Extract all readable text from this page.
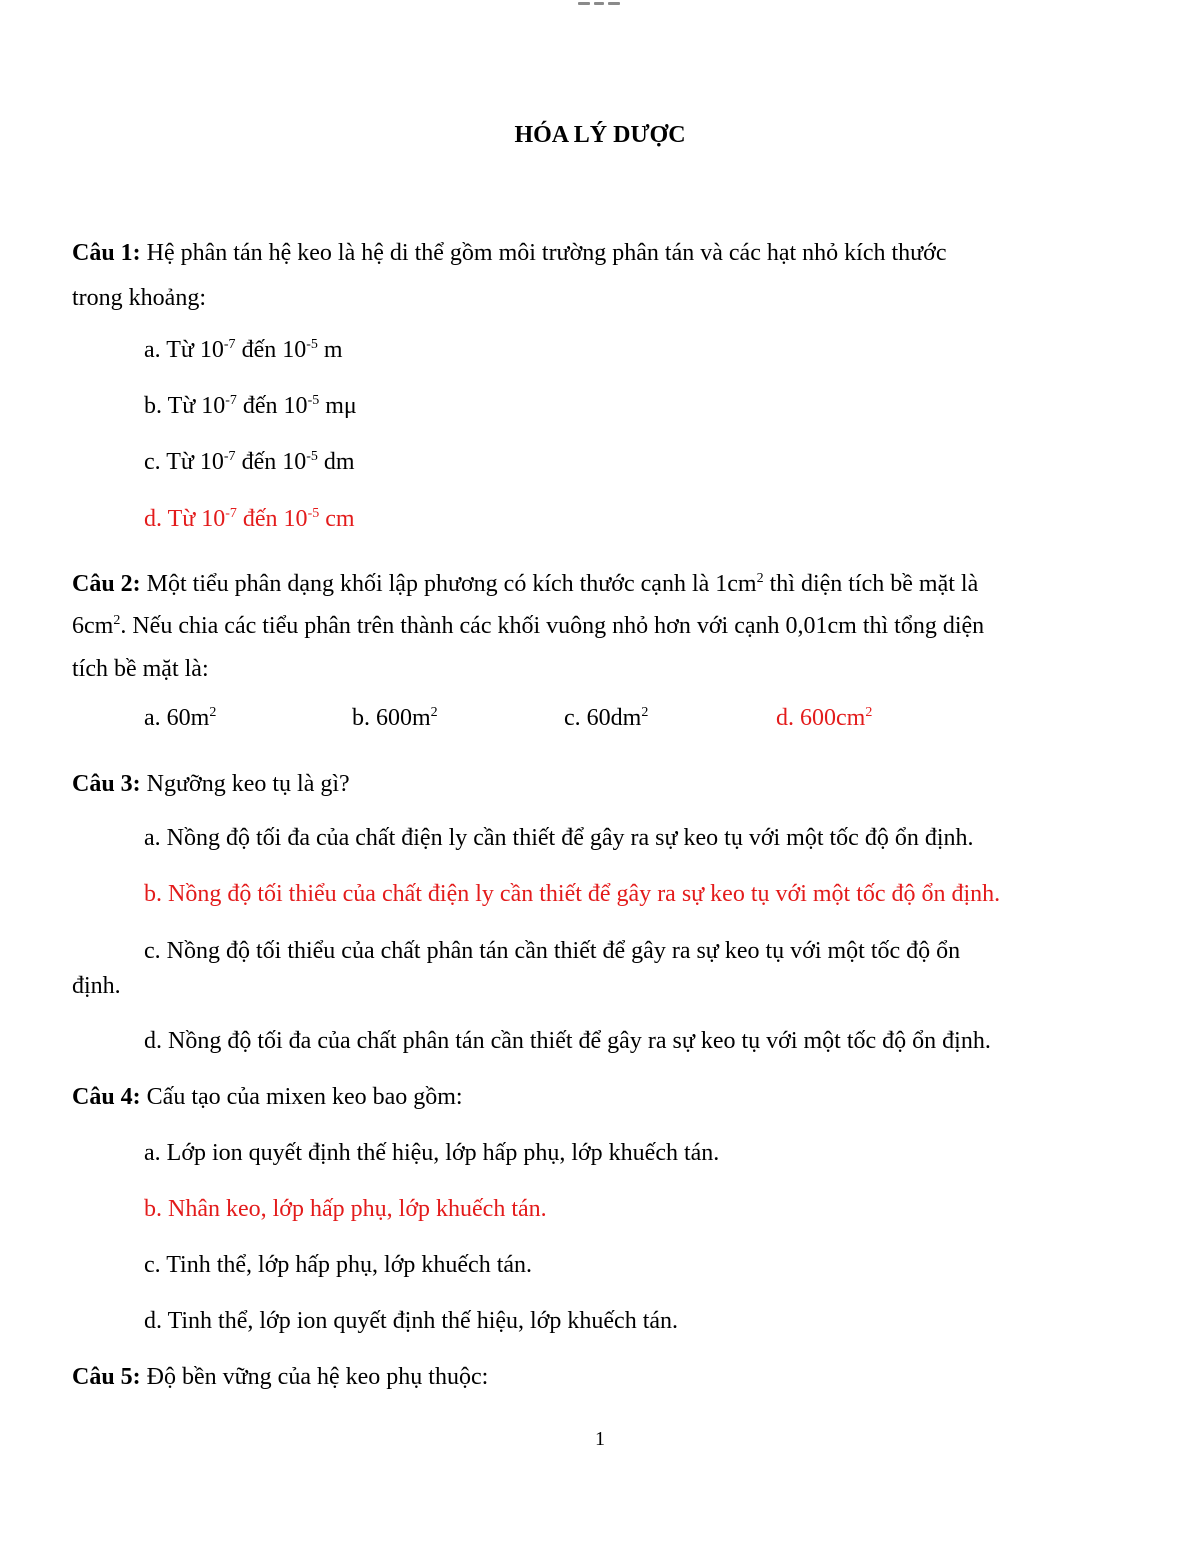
HÓA LÝ DƯỢC
Câu 1: Hệ phân tán hệ keo là hệ di thể gồm môi trường phân tán và các hạt nhỏ kích thước
trong khoảng:
a. Từ $10^{-7}$ đến $10^{-5}$ m
b. Từ $10^{-7}$ đến $10^{-5}$ mμ
c. Từ $10^{-7}$ đến $10^{-5}$ dm
d. Từ $10^{-7}$ đến $10^{-5}$ cm
Câu 2: Một tiểu phân dạng khối lập phương có kích thước cạnh là $1cm^2$ thì diện tích bề mặt là
$6cm^2$. Nếu chia các tiểu phân trên thành các khối vuông nhỏ hơn với cạnh 0,01cm thì tổng diện
tích bề mặt là:
a. $60m^2$	b. $600m^2$	c. $60dm^2$	d. $600cm^2$
Câu 3: Ngưỡng keo tụ là gì?
a. Nồng độ tối đa của chất điện ly cần thiết để gây ra sự keo tụ với một tốc độ ổn định.
b. Nồng độ tối thiểu của chất điện ly cần thiết để gây ra sự keo tụ với một tốc độ ổn định.
c. Nồng độ tối thiểu của chất phân tán cần thiết để gây ra sự keo tụ với một tốc độ ổn
định.
d. Nồng độ tối đa của chất phân tán cần thiết để gây ra sự keo tụ với một tốc độ ổn định.
Câu 4: Cấu tạo của mixen keo bao gồm:
a. Lớp ion quyết định thế hiệu, lớp hấp phụ, lớp khuếch tán.
b. Nhân keo, lớp hấp phụ, lớp khuếch tán.
c. Tinh thể, lớp hấp phụ, lớp khuếch tán.
d. Tinh thể, lớp ion quyết định thế hiệu, lớp khuếch tán.
Câu 5: Độ bền vững của hệ keo phụ thuộc:
1
